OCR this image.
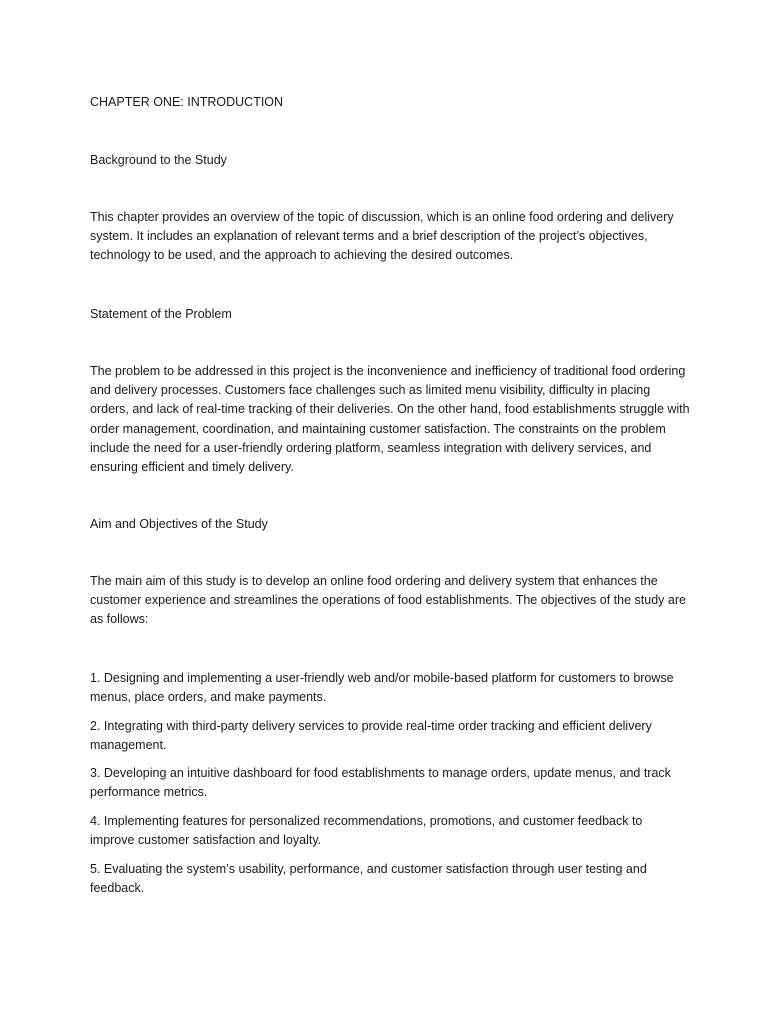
CHAPTER ONE: INTRODUCTION

Background to the Study

This chapter provides an overview of the topic of discussion, which is an online food ordering and delivery system. It includes an explanation of relevant terms and a brief description of the project’s objectives, technology to be used, and the approach to achieving the desired outcomes.

Statement of the Problem

The problem to be addressed in this project is the inconvenience and inefficiency of traditional food ordering and delivery processes. Customers face challenges such as limited menu visibility, difficulty in placing orders, and lack of real-time tracking of their deliveries. On the other hand, food establishments struggle with order management, coordination, and maintaining customer satisfaction. The constraints on the problem include the need for a user-friendly ordering platform, seamless integration with delivery services, and ensuring efficient and timely delivery.

Aim and Objectives of the Study

The main aim of this study is to develop an online food ordering and delivery system that enhances the customer experience and streamlines the operations of food establishments. The objectives of the study are as follows:

1. Designing and implementing a user-friendly web and/or mobile-based platform for customers to browse menus, place orders, and make payments.

2. Integrating with third-party delivery services to provide real-time order tracking and efficient delivery management.

3. Developing an intuitive dashboard for food establishments to manage orders, update menus, and track performance metrics.

4. Implementing features for personalized recommendations, promotions, and customer feedback to improve customer satisfaction and loyalty.

5. Evaluating the system’s usability, performance, and customer satisfaction through user testing and feedback.
